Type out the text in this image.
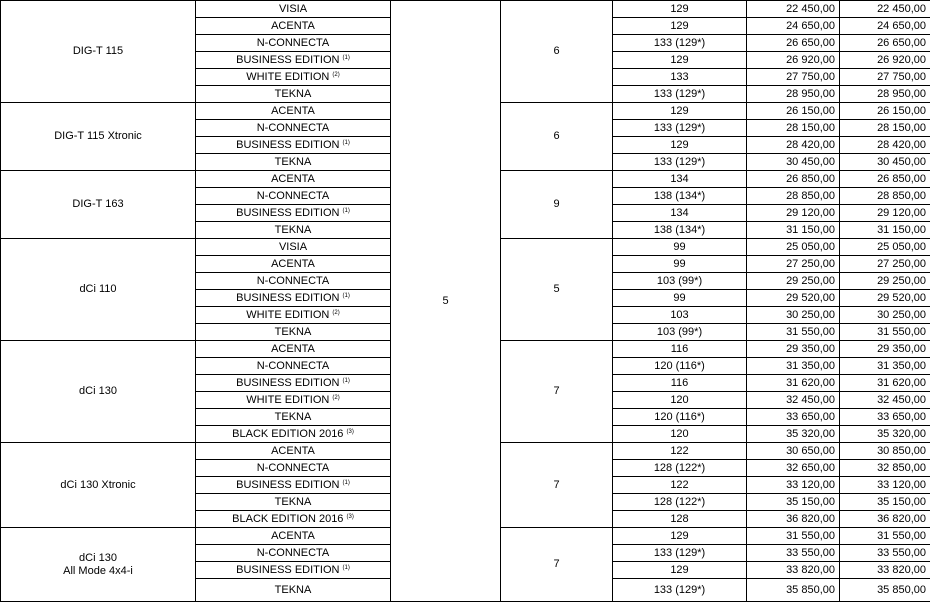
DIG-T 115	VISIA	5	6	129	22 450,00	22 450,00
	ACENTA			129	24 650,00	24 650,00
	N-CONNECTA			133 (129*)	26 650,00	26 650,00
	BUSINESS EDITION $^{(1)}$			129	26 920,00	26 920,00
	WHITE EDITION $^{(2)}$			133	27 750,00	27 750,00
	TEKNA			133 (129*)	28 950,00	28 950,00
DIG-T 115 Xtronic	ACENTA		6	129	26 150,00	26 150,00
	N-CONNECTA			133 (129*)	28 150,00	28 150,00
	BUSINESS EDITION $^{(1)}$			129	28 420,00	28 420,00
	TEKNA			133 (129*)	30 450,00	30 450,00
DIG-T 163	ACENTA		9	134	26 850,00	26 850,00
	N-CONNECTA			138 (134*)	28 850,00	28 850,00
	BUSINESS EDITION $^{(1)}$			134	29 120,00	29 120,00
	TEKNA			138 (134*)	31 150,00	31 150,00
dCi 110	VISIA		5	99	25 050,00	25 050,00
	ACENTA			99	27 250,00	27 250,00
	N-CONNECTA			103 (99*)	29 250,00	29 250,00
	BUSINESS EDITION $^{(1)}$			99	29 520,00	29 520,00
	WHITE EDITION $^{(2)}$			103	30 250,00	30 250,00
	TEKNA			103 (99*)	31 550,00	31 550,00
dCi 130	ACENTA		7	116	29 350,00	29 350,00
	N-CONNECTA			120 (116*)	31 350,00	31 350,00
	BUSINESS EDITION $^{(1)}$			116	31 620,00	31 620,00
	WHITE EDITION $^{(2)}$			120	32 450,00	32 450,00
	TEKNA			120 (116*)	33 650,00	33 650,00
	BLACK EDITION 2016 $^{(3)}$			120	35 320,00	35 320,00
dCi 130 Xtronic	ACENTA		7	122	30 650,00	30 850,00
	N-CONNECTA			128 (122*)	32 650,00	32 850,00
	BUSINESS EDITION $^{(1)}$			122	33 120,00	33 120,00
	TEKNA			128 (122*)	35 150,00	35 150,00
	BLACK EDITION 2016 $^{(3)}$			128	36 820,00	36 820,00
dCi 130
All Mode 4x4-i	ACENTA		7	129	31 550,00	31 550,00
	N-CONNECTA			133 (129*)	33 550,00	33 550,00
	BUSINESS EDITION $^{(1)}$			129	33 820,00	33 820,00
	TEKNA			133 (129*)	35 850,00	35 850,00
